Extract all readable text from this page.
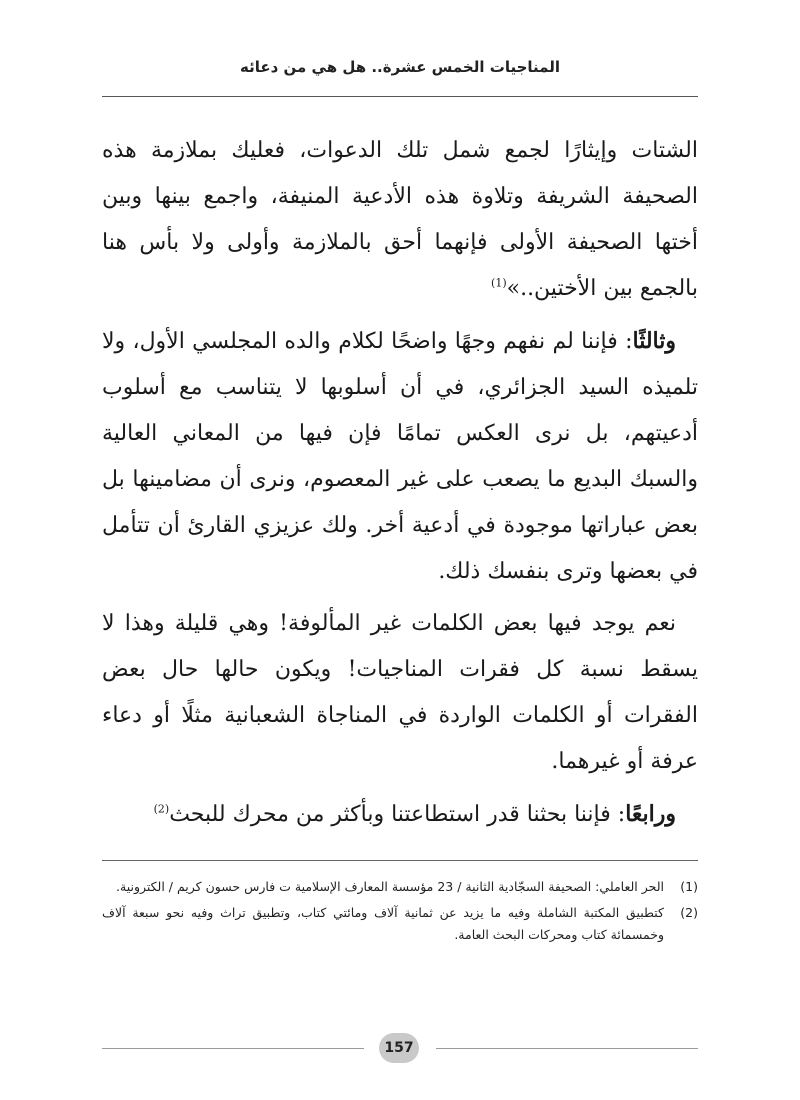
المناجيات الخمس عشرة.. هل هي من دعائه

الشتات وإيثارًا لجمع شمل تلك الدعوات، فعليك بملازمة هذه الصحيفة الشريفة وتلاوة هذه الأدعية المنيفة، واجمع بينها وبين أختها الصحيفة الأولى فإنهما أحق بالملازمة وأولى ولا بأس هنا بالجمع بين الأختين..»$^{(1)}$

وثالثًا: فإننا لم نفهم وجهًا واضحًا لكلام والده المجلسي الأول، ولا تلميذه السيد الجزائري، في أن أسلوبها لا يتناسب مع أسلوب أدعيتهم، بل نرى العكس تمامًا فإن فيها من المعاني العالية والسبك البديع ما يصعب على غير المعصوم، ونرى أن مضامينها بل بعض عباراتها موجودة في أدعية أخر. ولك عزيزي القارئ أن تتأمل في بعضها وترى بنفسك ذلك.

نعم يوجد فيها بعض الكلمات غير المألوفة! وهي قليلة وهذا لا يسقط نسبة كل فقرات المناجيات! ويكون حالها حال بعض الفقرات أو الكلمات الواردة في المناجاة الشعبانية مثلًا أو دعاء عرفة أو غيرهما.

ورابعًا: فإننا بحثنا قدر استطاعتنا وبأكثر من محرك للبحث$^{(2)}$

(1)
الحر العاملي: الصحيفة السجّادية الثانية / 23 مؤسسة المعارف الإسلامية ت فارس حسون كريم / الكترونية.
(2)
كتطبيق المكتبة الشاملة وفيه ما يزيد عن ثمانية آلاف ومائتي كتاب، وتطبيق تراث وفيه نحو سبعة آلاف وخمسمائة كتاب ومحركات البحث العامة.
157
